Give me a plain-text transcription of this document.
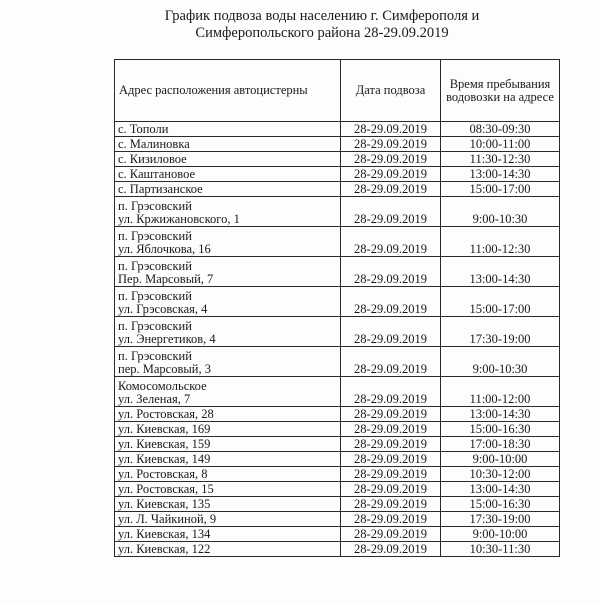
График подвоза воды населению г. Симферополя и
Симферопольского района 28-29.09.2019
Адрес расположения автоцистерны	Дата подвоза	Время пребывания водовозки на адресе

с. Тополи	28-29.09.2019	08:30-09:30

с. Малиновка	28-29.09.2019	10:00-11:00

с. Кизиловое	28-29.09.2019	11:30-12:30

с. Каштановое	28-29.09.2019	13:00-14:30

с. Партизанское	28-29.09.2019	15:00-17:00

п. Грэсовский
ул. Кржижановского, 1	28-29.09.2019	9:00-10:30

п. Грэсовский
ул. Яблочкова, 16	28-29.09.2019	11:00-12:30

п. Грэсовский
Пер. Марсовый, 7	28-29.09.2019	13:00-14:30

п. Грэсовский
ул. Грэсовская, 4	28-29.09.2019	15:00-17:00

п. Грэсовский
ул. Энергетиков, 4	28-29.09.2019	17:30-19:00

п. Грэсовский
пер. Марсовый, 3	28-29.09.2019	9:00-10:30

Комосомольское
ул. Зеленая, 7	28-29.09.2019	11:00-12:00

ул. Ростовская, 28	28-29.09.2019	13:00-14:30

ул. Киевская, 169	28-29.09.2019	15:00-16:30

ул. Киевская, 159	28-29.09.2019	17:00-18:30

ул. Киевская, 149	28-29.09.2019	9:00-10:00

ул. Ростовская, 8	28-29.09.2019	10:30-12:00

ул. Ростовская, 15	28-29.09.2019	13:00-14:30

ул. Киевская, 135	28-29.09.2019	15:00-16:30

ул. Л. Чайкиной, 9	28-29.09.2019	17:30-19:00

ул. Киевская, 134	28-29.09.2019	9:00-10:00

ул. Киевская, 122	28-29.09.2019	10:30-11:30
